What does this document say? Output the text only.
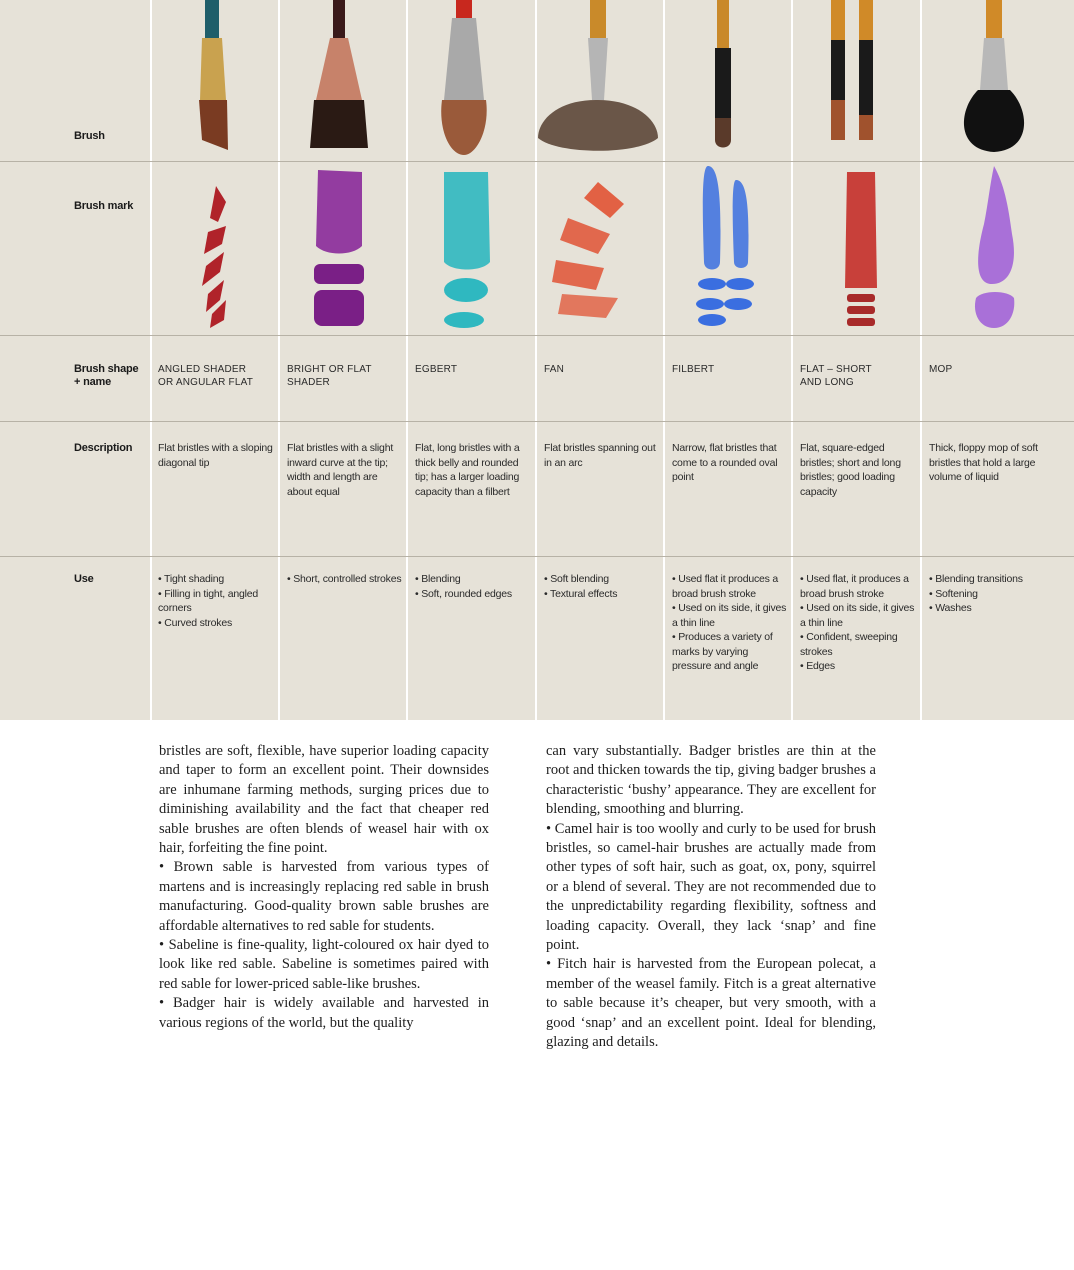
Brush
Brush mark
Brush shape
+ name
Description
Use
ANGLED SHADER
OR ANGULAR FLAT
BRIGHT OR FLAT
SHADER
EGBERT	FAN	FILBERT	FLAT – SHORT
AND LONG
MOP
Flat bristles with a sloping diagonal tip
Flat bristles with a slight inward curve at the tip; width and length are about equal
Flat, long bristles with a thick belly and rounded tip; has a larger loading capacity than a filbert
Flat bristles spanning out in an arc
Narrow, flat bristles that come to a rounded oval point
Flat, square-edged bristles; short and long bristles; good loading capacity
Thick, floppy mop of soft bristles that hold a large volume of liquid
• Tight shading
• Filling in tight, angled corners
• Curved strokes
• Short, controlled strokes
•	Blending
• Soft, rounded edges
• Soft blending
• Textural effects
• Used flat it produces a broad brush stroke
• Used on its side, it gives a thin line
• Produces a variety of marks by varying pressure and angle
• Used flat, it produces a broad brush stroke
• Used on its side, it gives a thin line
• Confident, sweeping strokes
• Edges
• Blending transitions
• Softening
• Washes

bristles are soft, flexible, have superior loading capacity and taper to form an excellent point. Their downsides are inhumane farming methods, surging prices due to diminishing availability and the fact that cheaper red sable brushes are often blends of weasel hair with ox hair, forfeiting the fine point.

• Brown sable is harvested from various types of martens and is increasingly replacing red sable in brush manufacturing. Good-quality brown sable brushes are affordable alternatives to red sable for students.

• Sabeline is fine-quality, light-coloured ox hair dyed to look like red sable. Sabeline is sometimes paired with red sable for lower-priced sable-like brushes.

• Badger hair is widely available and harvested in various regions of the world, but the quality

can vary substantially. Badger bristles are thin at the root and thicken towards the tip, giving badger brushes a characteristic ‘bushy’ appearance. They are excellent for blending, smoothing and blurring.

• Camel hair is too woolly and curly to be used for brush bristles, so camel-hair brushes are actually made from other types of soft hair, such as goat, ox, pony, squirrel or a blend of several. They are not recommended due to the unpredictability regarding flexibility, softness and loading capacity. Overall, they lack ‘snap’ and fine point.

• Fitch hair is harvested from the European polecat, a member of the weasel family. Fitch is a great alternative to sable because it’s cheaper, but very smooth, with a good ‘snap’ and an excellent point. Ideal for blending, glazing and details.
